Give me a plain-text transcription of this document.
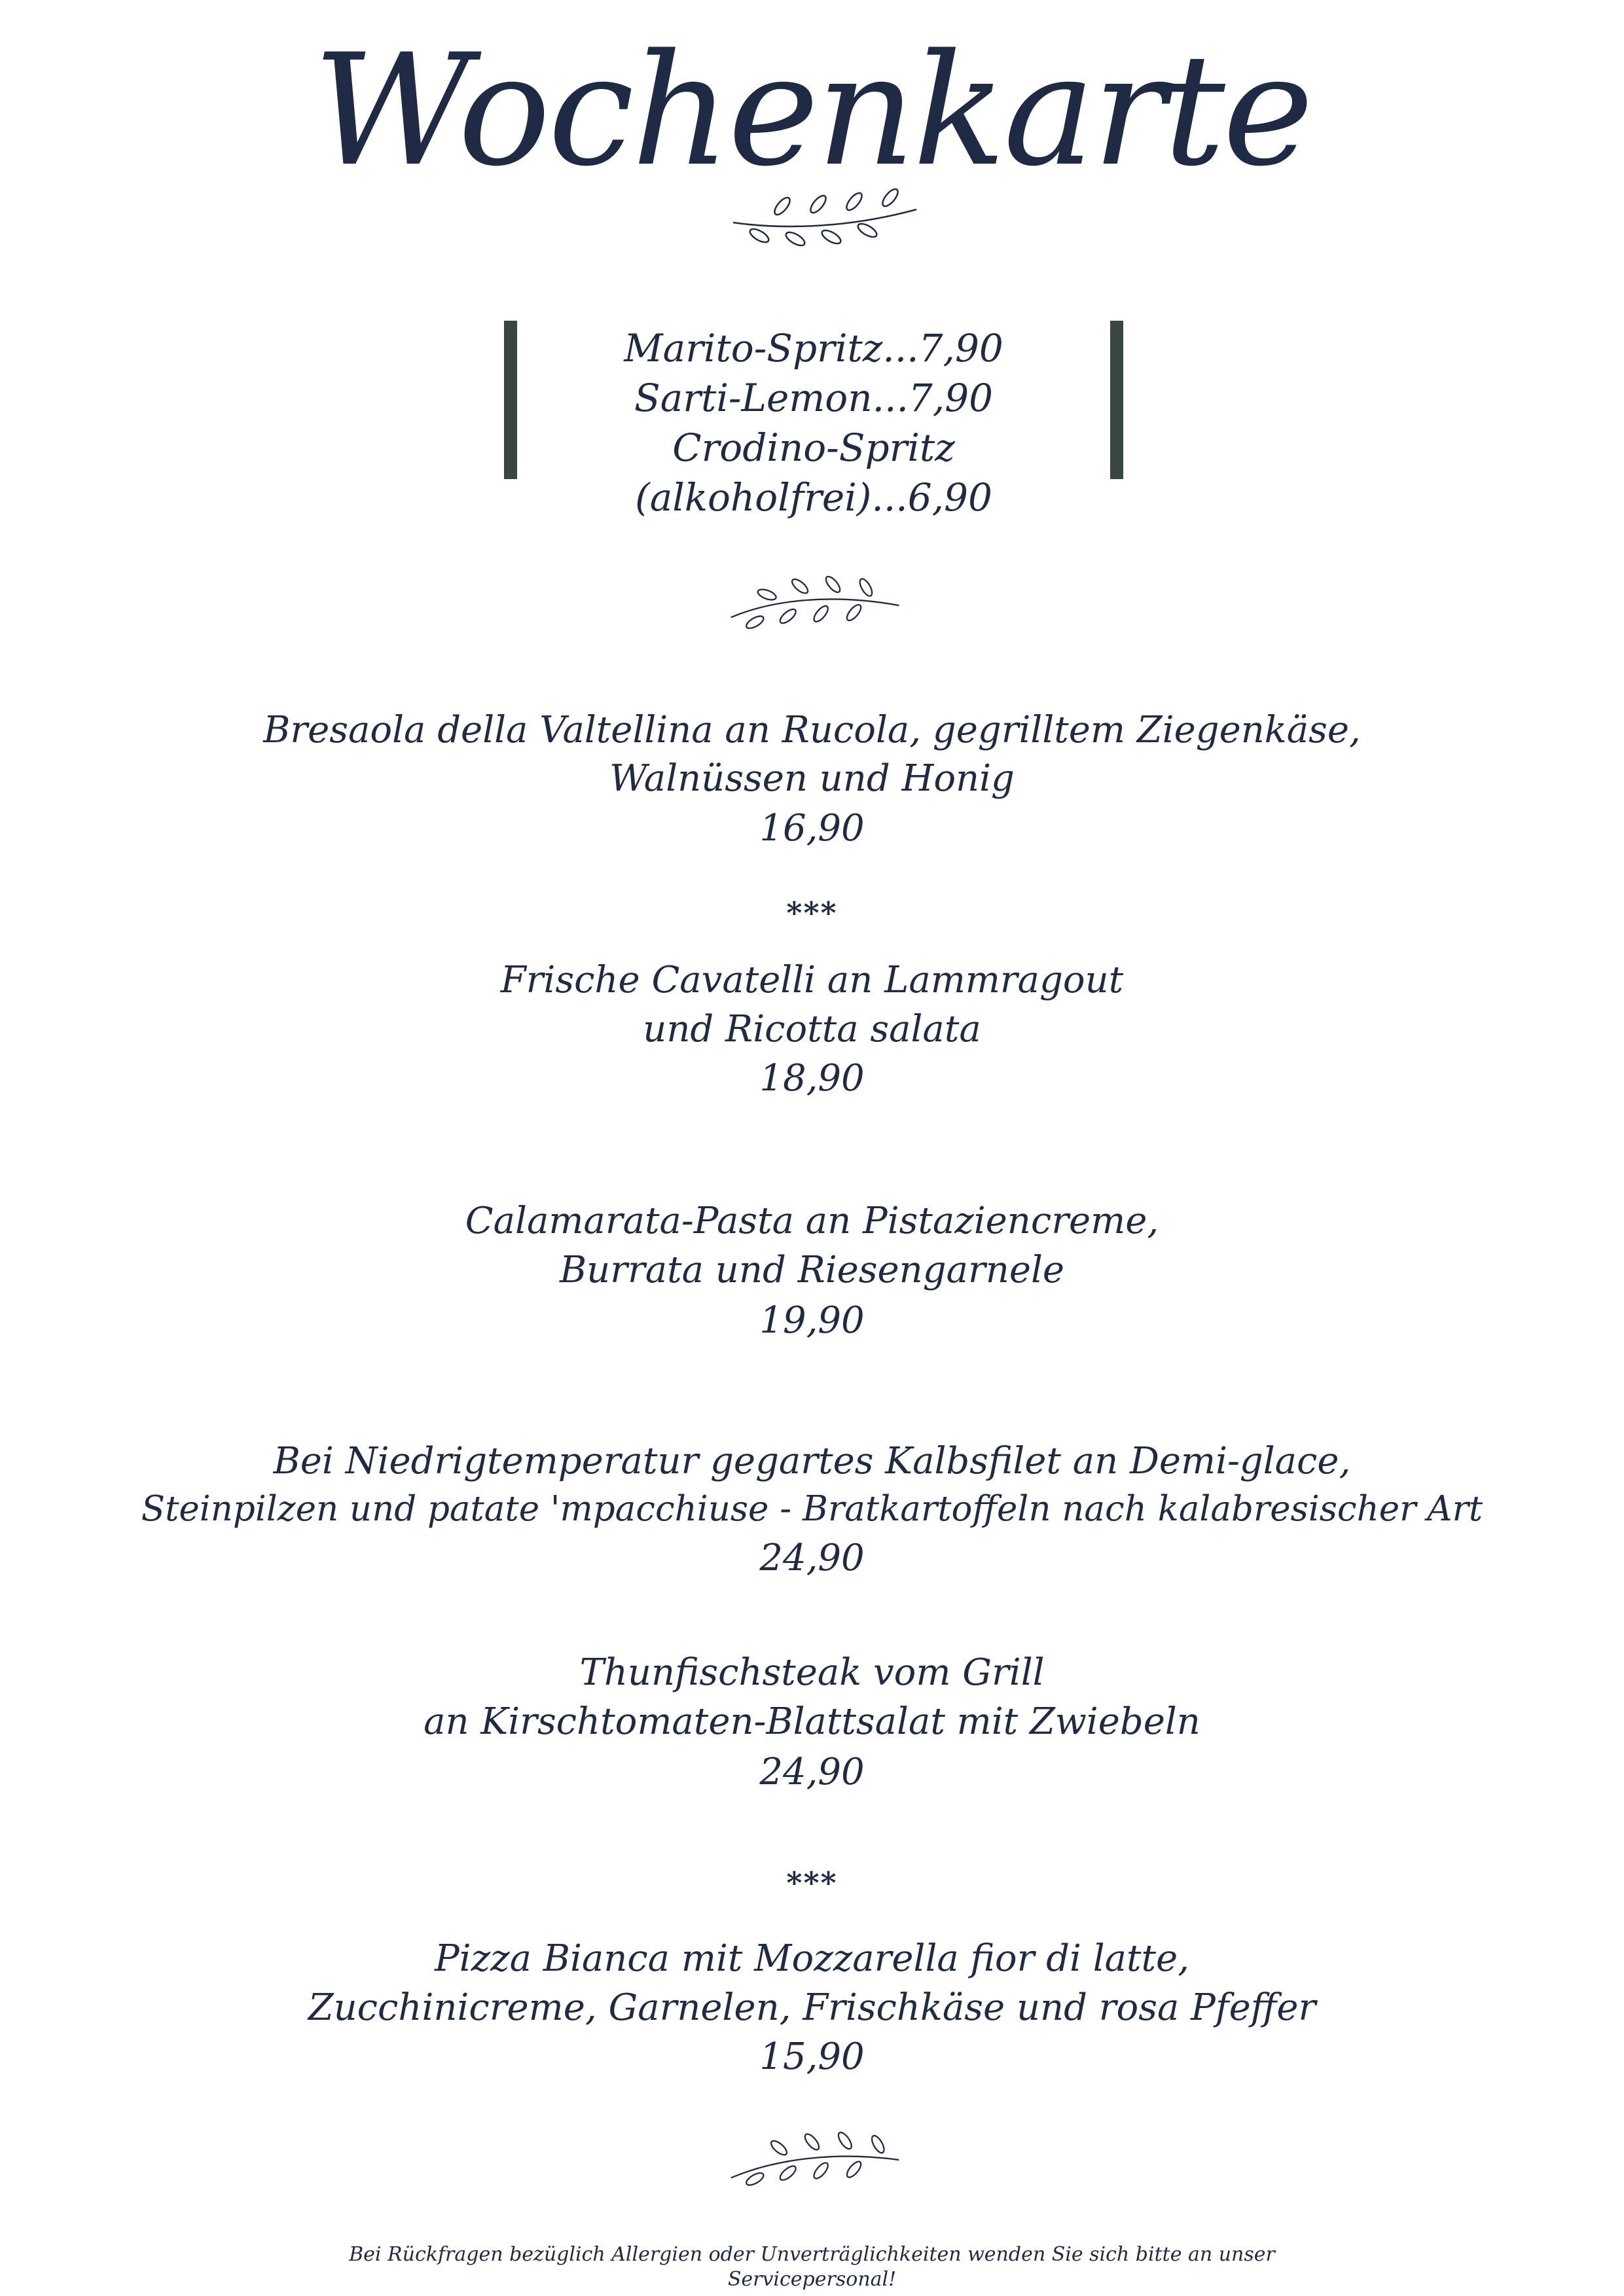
Wochenkarte
Marito-Spritz...7,90
Sarti-Lemon...7,90
Crodino-Spritz (alkoholfrei)...6,90
Bresaola della Valtellina an Rucola, gegrilltem Ziegenkäse,
Walnüssen und Honig
16,90
***
Frische Cavatelli an Lammragout
und Ricotta salata
18,90
Calamarata-Pasta an Pistaziencreme,
Burrata und Riesengarnele
19,90
Bei Niedrigtemperatur gegartes Kalbsfilet an Demi-glace,
Steinpilzen und patate 'mpacchiuse - Bratkartoffeln nach kalabresischer Art
24,90
Thunfischsteak vom Grill
an Kirschtomaten-Blattsalat mit Zwiebeln
24,90
***
Pizza Bianca mit Mozzarella fior di latte,
Zucchinicreme, Garnelen, Frischkäse und rosa Pfeffer
15,90
Bei Rückfragen bezüglich Allergien oder Unverträglichkeiten wenden Sie sich bitte an unser
Servicepersonal!
